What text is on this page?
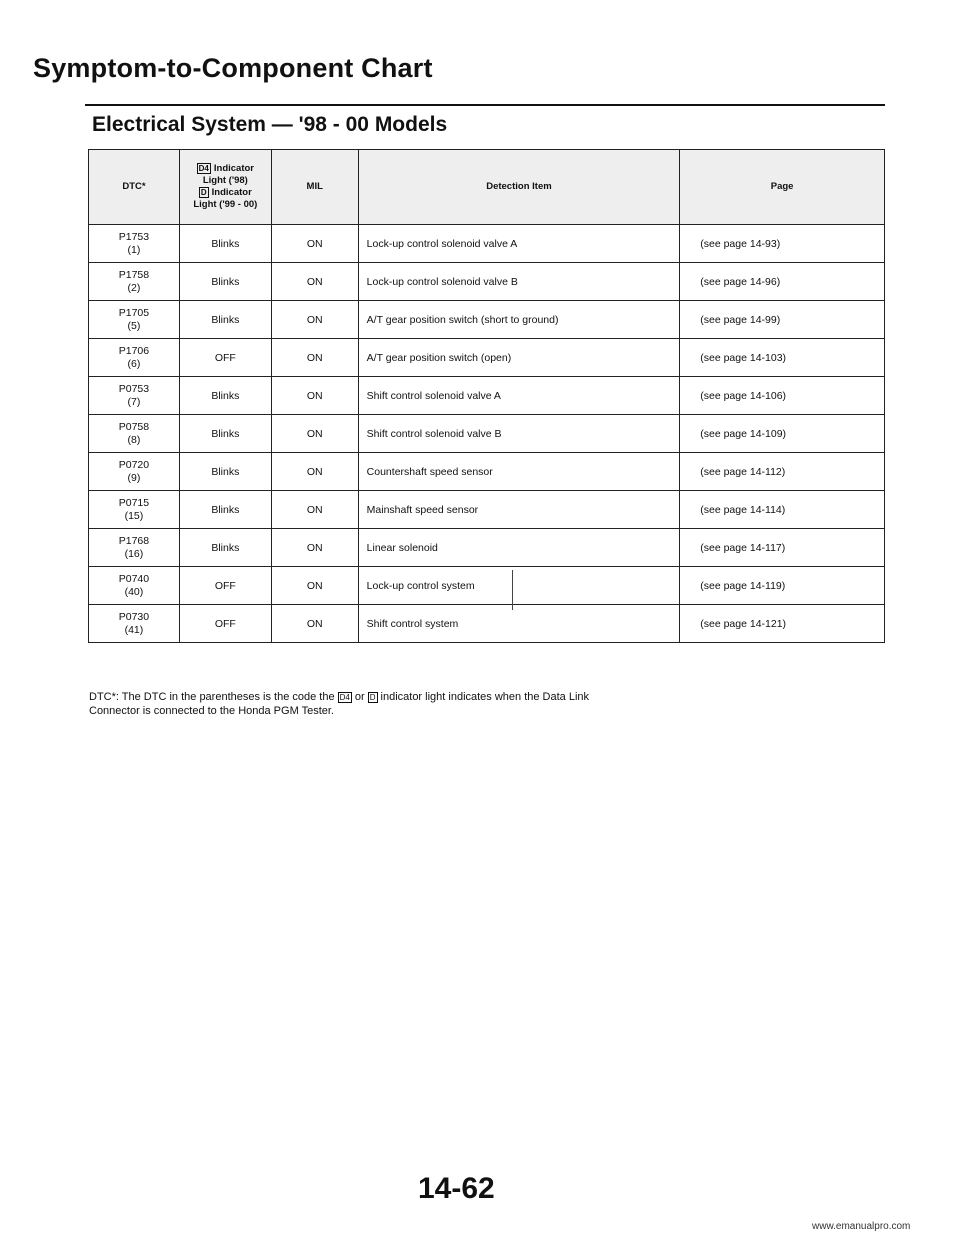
Symptom-to-Component Chart
Electrical System — '98 - 00 Models
DTC*	D4 Indicator
Light ('98)
D Indicator
Light ('99 - 00)	MIL	Detection Item	Page

P1753
(1)	Blinks	ON	Lock-up control solenoid valve A	(see page 14-93)

P1758
(2)	Blinks	ON	Lock-up control solenoid valve B	(see page 14-96)

P1705
(5)	Blinks	ON	A/T gear position switch (short to ground)	(see page 14-99)

P1706
(6)	OFF	ON	A/T gear position switch (open)	(see page 14-103)

P0753
(7)	Blinks	ON	Shift control solenoid valve A	(see page 14-106)

P0758
(8)	Blinks	ON	Shift control solenoid valve B	(see page 14-109)

P0720
(9)	Blinks	ON	Countershaft speed sensor	(see page 14-112)

P0715
(15)	Blinks	ON	Mainshaft speed sensor	(see page 14-114)

P1768
(16)	Blinks	ON	Linear solenoid	(see page 14-117)

P0740
(40)	OFF	ON	Lock-up control system	(see page 14-119)

P0730
(41)	OFF	ON	Shift control system	(see page 14-121)
DTC*: The DTC in the parentheses is the code the D4 or D indicator light indicates when the Data Link
Connector is connected to the Honda PGM Tester.
14-62
www.emanualpro.com
